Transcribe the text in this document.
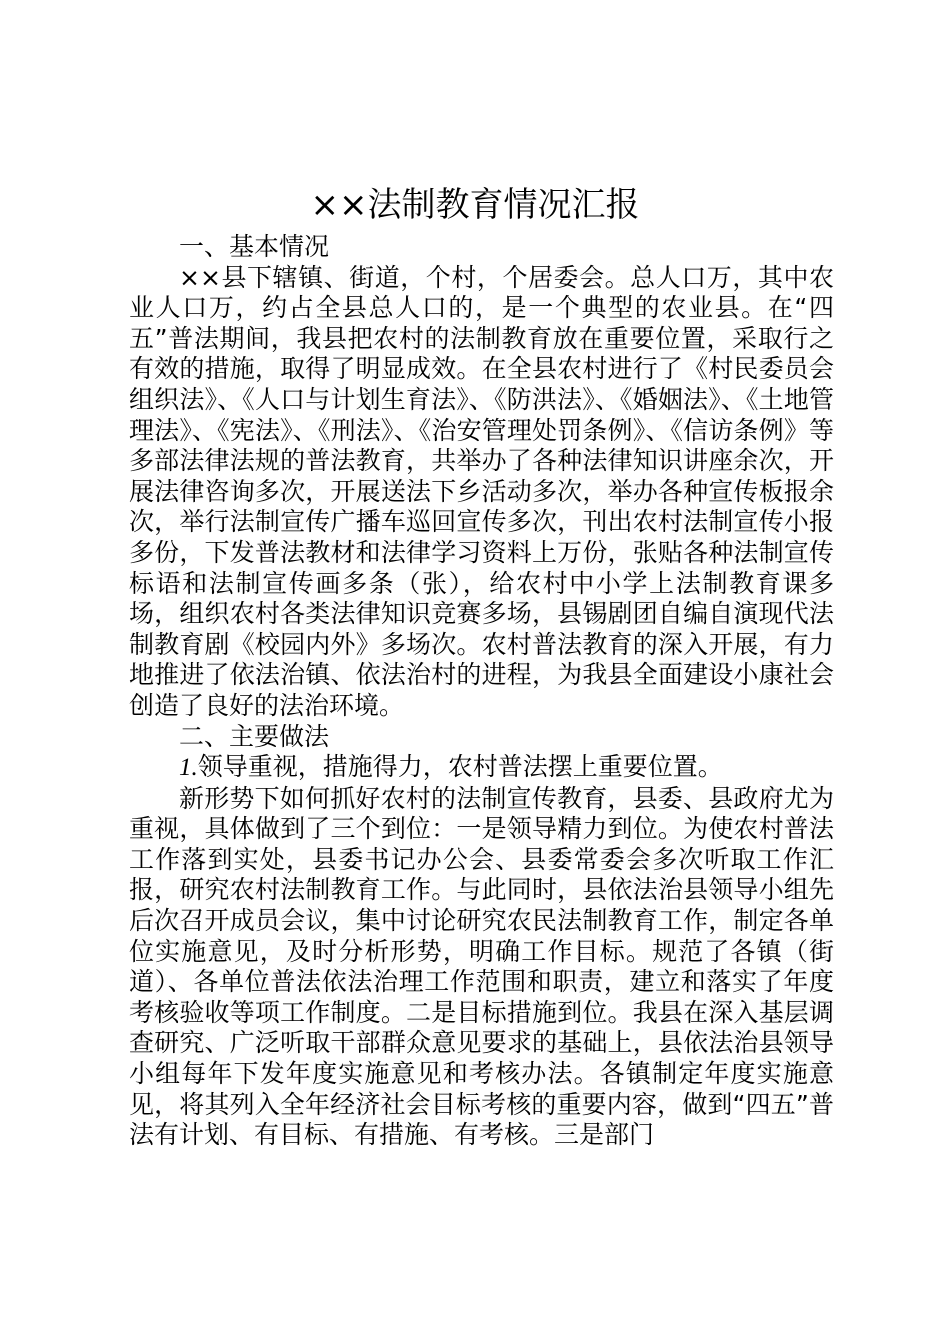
××法制教育情况汇报

一、基本情况

××县下辖镇、街道，个村，个居委会。总人口万，其中农业人口万，约占全县总人口的，是一个典型的农业县。在“四五”普法期间，我县把农村的法制教育放在重要位置，采取行之有效的措施，取得了明显成效。在全县农村进行了《村民委员会组织法》、《人口与计划生育法》、《防洪法》、《婚姻法》、《土地管理法》、《宪法》、《刑法》、《治安管理处罚条例》、《信访条例》等多部法律法规的普法教育，共举办了各种法律知识讲座余次，开展法律咨询多次，开展送法下乡活动多次，举办各种宣传板报余次，举行法制宣传广播车巡回宣传多次，刊出农村法制宣传小报多份，下发普法教材和法律学习资料上万份，张贴各种法制宣传标语和法制宣传画多条（张），给农村中小学上法制教育课多场，组织农村各类法律知识竞赛多场，县锡剧团自编自演现代法制教育剧《校园内外》多场次。农村普法教育的深入开展，有力地推进了依法治镇、依法治村的进程，为我县全面建设小康社会创造了良好的法治环境。

二、主要做法

1.领导重视，措施得力，农村普法摆上重要位置。

新形势下如何抓好农村的法制宣传教育，县委、县政府尤为重视，具体做到了三个到位：一是领导精力到位。为使农村普法工作落到实处，县委书记办公会、县委常委会多次听取工作汇报，研究农村法制教育工作。与此同时，县依法治县领导小组先后次召开成员会议，集中讨论研究农民法制教育工作，制定各单位实施意见，及时分析形势，明确工作目标。规范了各镇（街道）、各单位普法依法治理工作范围和职责，建立和落实了年度考核验收等项工作制度。二是目标措施到位。我县在深入基层调查研究、广泛听取干部群众意见要求的基础上，县依法治县领导小组每年下发年度实施意见和考核办法。各镇制定年度实施意见，将其列入全年经济社会目标考核的重要内容，做到“四五”普法有计划、有目标、有措施、有考核。三是部门
